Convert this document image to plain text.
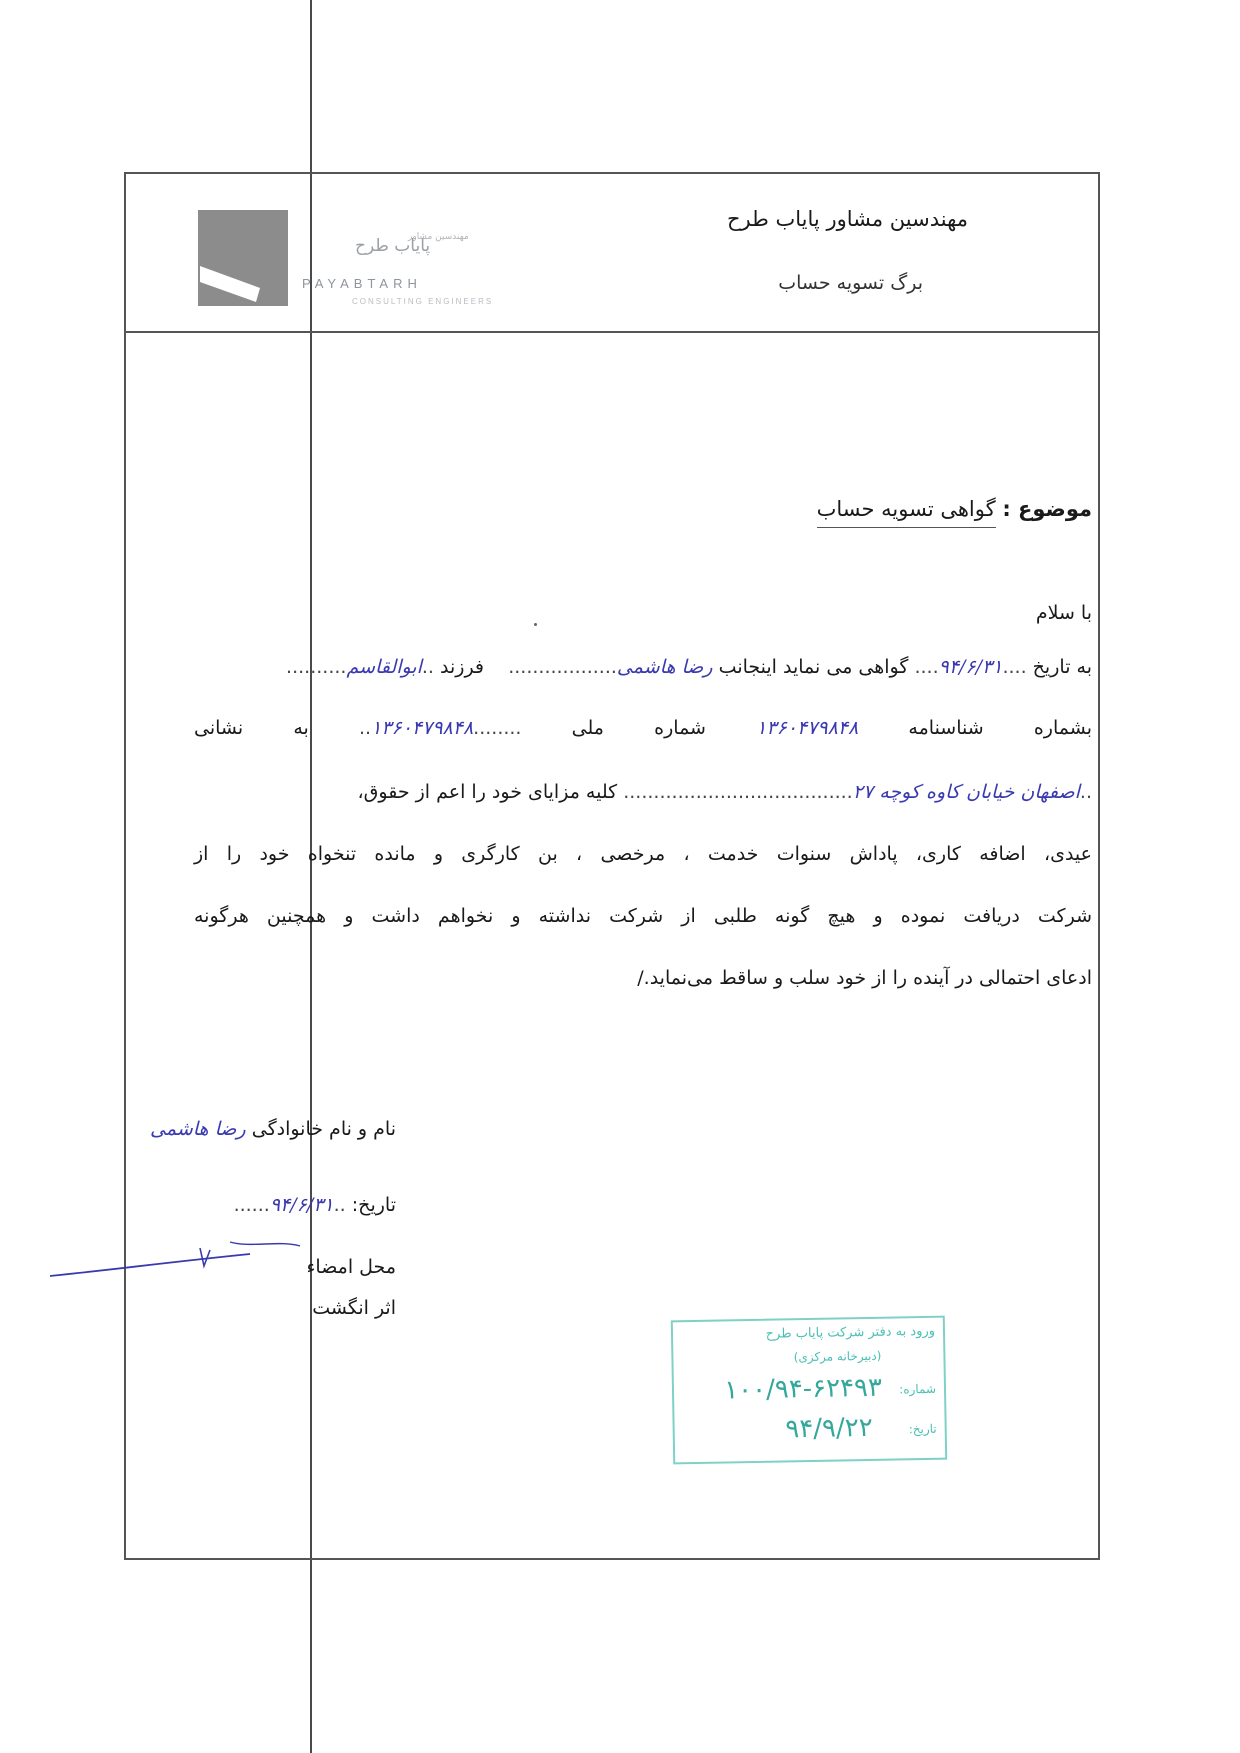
مهندسین مشاور
پایاب طرح
PAYABTARH
CONSULTING ENGINEERS
مهندسین مشاور پایاب طرح
برگ تسویه حساب
موضوع : گواهی تسویه حساب
با سلام
به تاریخ ....۹۴/۶/۳۱.... گواهی می نماید اینجانب رضا هاشمی..................    فرزند ..ابوالقاسم..........
بشماره شناسنامه ۱۳۶۰۴۷۹۸۴۸ شماره ملی ........۱۳۶۰۴۷۹۸۴۸.. به نشانی
..اصفهان خیابان کاوه کوچه ۲۷...................................... کلیه مزایای خود را اعم از حقوق،
عیدی، اضافه کاری، پاداش سنوات خدمت ، مرخصی ، بن کارگری و مانده تنخواه خود را از
شرکت دریافت نموده و هیچ گونه طلبی از شرکت نداشته و نخواهم داشت و همچنین هرگونه
ادعای احتمالی در آینده را از خود سلب و ساقط می‌نماید./
نام و نام خانوادگی رضا هاشمی
تاریخ: ..۹۴/۶/۳۱......
محل امضاء
اثر انگشت
ورود به دفتر شرکت پایاب طرح
(دبیرخانه مرکزی)
شماره:
۱۰۰/۹۴-۶۲۴۹۳
تاریخ:
۹۴/۹/۲۲
